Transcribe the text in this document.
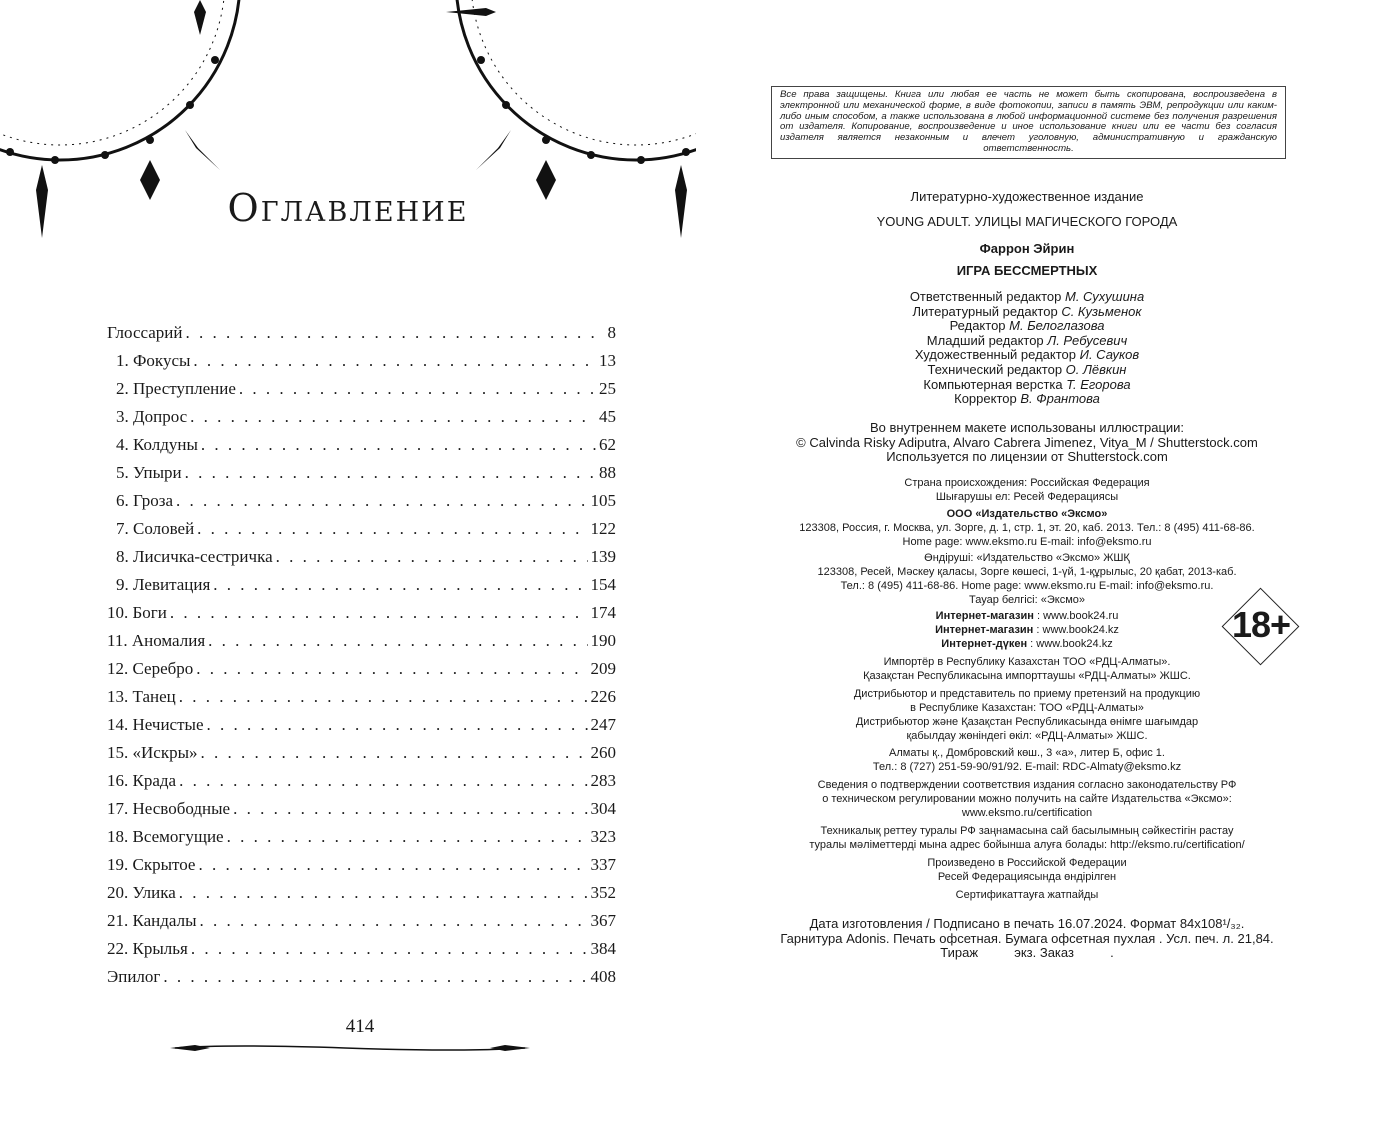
Оглавление
Глоссарий . . .	8
1. Фокусы . . .	13
2. Преступление . . .	25
3. Допрос . . .	45
4. Колдуны . . .	62
5. Упыри . . .	88
6. Гроза . . .	105
7. Соловей . . .	122
8. Лисичка-сестричка . . .	139
9. Левитация . . .	154
10. Боги . . .	174
11. Аномалия . . .	190
12. Серебро . . .	209
13. Танец . . .	226
14. Нечистые . . .	247
15. «Искры» . . .	260
16. Крада . . .	283
17. Несвободные . . .	304
18. Всемогущие . . .	323
19. Скрытое . . .	337
20. Улика . . .	352
21. Кандалы . . .	367
22. Крылья . . .	384
Эпилог . . .	408
414
Все права защищены. Книга или любая ее часть не может быть скопирована, воспроизведена в электронной или механической форме, в виде фотокопии, записи в память ЭВМ, репродукции или каким-либо иным способом, а также использована в любой информационной системе без получения разрешения от издателя. Копирование, воспроизведение и иное использование книги или ее части без согласия издателя является незаконным и влечет уголовную, административную и гражданскую ответственность.
Литературно-художественное издание
YOUNG ADULT. УЛИЦЫ МАГИЧЕСКОГО ГОРОДА
Фаррон Эйрин
ИГРА БЕССМЕРТНЫХ
Ответственный редактор М. Сухушина
Литературный редактор С. Кузьменок
Редактор М. Белоглазова
Младший редактор Л. Ребусевич
Художественный редактор И. Сауков
Технический редактор О. Лёвкин
Компьютерная верстка Т. Егорова
Корректор В. Франтова
Во внутреннем макете использованы иллюстрации:
© Calvinda Risky Adiputra, Alvaro Cabrera Jimenez, Vitya_M / Shutterstock.com
Используется по лицензии от Shutterstock.com
Страна происхождения: Российская Федерация
Шығарушы ел: Ресей Федерациясы
ООО «Издательство «Эксмо»
123308, Россия, г. Москва, ул. Зорге, д. 1, стр. 1, эт. 20, каб. 2013. Тел.: 8 (495) 411-68-86.
Home page: www.eksmo.ru E-mail: info@eksmo.ru
Өндіруші: «Издательство «Эксмо» ЖШҚ
123308, Ресей, Мәскеу қаласы, Зорге көшесі, 1-үй, 1-құрылыс, 20 қабат, 2013-каб.
Тел.: 8 (495) 411-68-86. Home page: www.eksmo.ru E-mail: info@eksmo.ru.
Тауар белгісі: «Эксмо»
Интернет-магазин : www.book24.ru
Интернет-магазин : www.book24.kz
Интернет-дүкен : www.book24.kz
Импортёр в Республику Казахстан ТОО «РДЦ-Алматы».
Қазақстан Республикасына импорттаушы «РДЦ-Алматы» ЖШС.
Дистрибьютор и представитель по приему претензий на продукцию
в Республике Казахстан: ТОО «РДЦ-Алматы»
Дистрибьютор және Қазақстан Республикасында өнімге шағымдар
қабылдау жөніндегі өкіл: «РДЦ-Алматы» ЖШС.
Алматы қ., Домбровский көш., 3 «а», литер Б, офис 1.
Тел.: 8 (727) 251-59-90/91/92. E-mail: RDC-Almaty@eksmo.kz
Сведения о подтверждении соответствия издания согласно законодательству РФ
о техническом регулировании можно получить на сайте Издательства «Эксмо»:
www.eksmo.ru/certification
Техникалық реттеу туралы РФ заңнамасына сай басылымның сәйкестігін растау
туралы мәліметтерді мына адрес бойынша алуға болады: http://eksmo.ru/certification/
Произведено в Российской Федерации
Ресей Федерациясында өндірілген
Сертификаттауға жатпайды
Дата изготовления / Подписано в печать 16.07.2024. Формат 84x108¹/₃₂.
Гарнитура Adonis. Печать офсетная. Бумага офсетная пухлая . Усл. печ. л. 21,84.
Тираж          экз. Заказ          .
18+
